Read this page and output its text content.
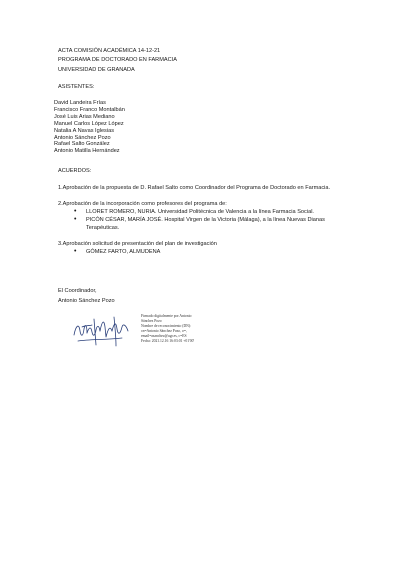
ACTA COMISIÓN ACADÉMICA 14-12-21
PROGRAMA DE DOCTORADO EN FARMACIA
UNIVERSIDAD DE GRANADA
ASISTENTES:
David Landeira Frías
Francisco Franco Montalbán
José Luis Arias Mediano
Manuel Carlos López López
Natalia A Navas Iglesias
Antonio Sánchez Pozo
Rafael Salto González
Antonio Matilla Hernández
ACUERDOS:
1.Aprobación de la propuesta de D. Rafael Salto como Coordinador del Programa de Doctorado en Farmacia.
2.Aprobación de la incorporación como profesores del programa de:
• LLORET ROMERO, NURIA. Universidad Politécnica de Valencia a la línea Farmacia Social.
• PICÓN CÉSAR, MARÍA JOSÉ. Hospital Virgen de la Victoria (Málaga), a la línea Nuevas Dianas Terapéuticas.
3.Aprobación solicitud de presentación del plan de investigación
• GÓMEZ FARTO, ALMUDENA
El Coordinador,
Antonio Sánchez Pozo
Firmado digitalmente por Antonio
Sánchez Pozo
Nombre de reconocimiento (DN):
cn=Antonio Sánchez Pozo, o=,
email=asanchez@ugr.es, c=ES
Fecha: 2021.12.16 16:03:01 +01'00'
